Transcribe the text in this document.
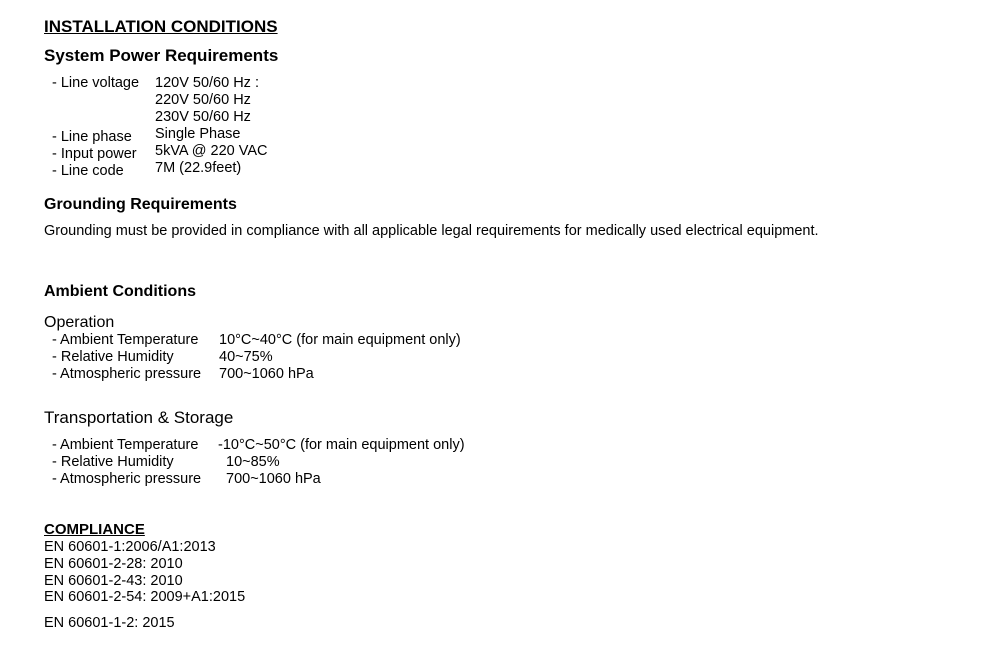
INSTALLATION CONDITIONS
System Power Requirements
- Line voltage 120V 50/60 Hz :
220V 50/60 Hz
230V 50/60 Hz
- Line phase Single Phase
- Input power 5kVA @ 220 VAC
- Line code 7M (22.9feet)
Grounding Requirements
Grounding must be provided in compliance with all applicable legal requirements for medically used electrical equipment.
Ambient Conditions
Operation
- Ambient Temperature
- Relative Humidity
- Atmospheric pressure
10°C~40°C (for main equipment only)
40~75%
700~1060 hPa
Transportation & Storage
- Ambient Temperature
- Relative Humidity
- Atmospheric pressure
-10°C~50°C (for main equipment only)
10~85%
700~1060 hPa
COMPLIANCE
EN 60601-1:2006/A1:2013
EN 60601-2-28: 2010
EN 60601-2-43: 2010
EN 60601-2-54: 2009+A1:2015
EN 60601-1-2: 2015
